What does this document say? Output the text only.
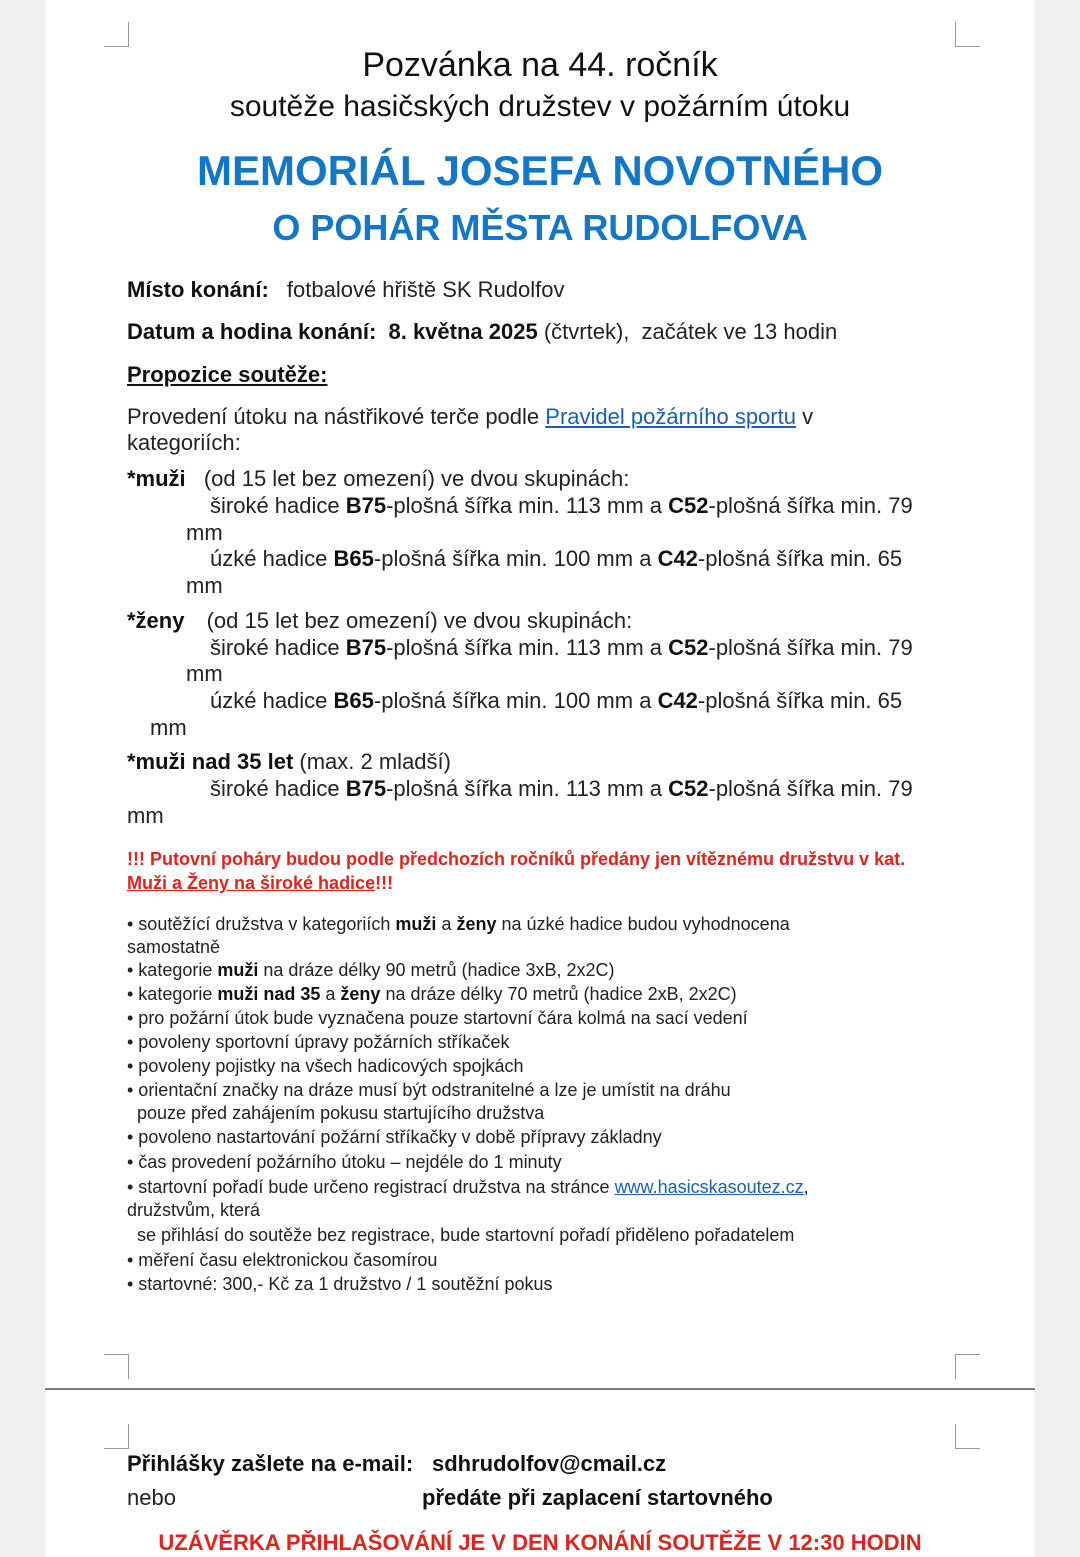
Pozvánka na 44. ročník
soutěže hasičských družstev v požárním útoku
MEMORIÁL JOSEFA NOVOTNÉHO
O POHÁR MĚSTA RUDOLFOVA
Místo konání: fotbalové hřiště SK Rudolfov
Datum a hodina konání: 8. května 2025 (čtvrtek), začátek ve 13 hodin
Propozice soutěže:
Provedení útoku na nástřikové terče podle Pravidel požárního sportu v
kategoriích:
*muži (od 15 let bez omezení) ve dvou skupinách:
široké hadice B75-plošná šířka min. 113 mm a C52-plošná šířka min. 79
mm
úzké hadice B65-plošná šířka min. 100 mm a C42-plošná šířka min. 65
mm
*ženy (od 15 let bez omezení) ve dvou skupinách:
široké hadice B75-plošná šířka min. 113 mm a C52-plošná šířka min. 79
mm
úzké hadice B65-plošná šířka min. 100 mm a C42-plošná šířka min. 65
mm
*muži nad 35 let (max. 2 mladší)
široké hadice B75-plošná šířka min. 113 mm a C52-plošná šířka min. 79
mm
!!! Putovní poháry budou podle předchozích ročníků předány jen vítěznému družstvu v kat.
Muži a Ženy na široké hadice!!!
• soutěžící družstva v kategoriích muži a ženy na úzké hadice budou vyhodnocena
samostatně
• kategorie muži na dráze délky 90 metrů (hadice 3xB, 2x2C)
• kategorie muži nad 35 a ženy na dráze délky 70 metrů (hadice 2xB, 2x2C)
• pro požární útok bude vyznačena pouze startovní čára kolmá na sací vedení
• povoleny sportovní úpravy požárních stříkaček
• povoleny pojistky na všech hadicových spojkách
• orientační značky na dráze musí být odstranitelné a lze je umístit na dráhu
pouze před zahájením pokusu startujícího družstva
• povoleno nastartování požární stříkačky v době přípravy základny
• čas provedení požárního útoku – nejdéle do 1 minuty
• startovní pořadí bude určeno registrací družstva na stránce www.hasicskasoutez.cz,
družstvům, která
se přihlásí do soutěže bez registrace, bude startovní pořadí přiděleno pořadatelem
• měření času elektronickou časomírou
• startovné: 300,- Kč za 1 družstvo / 1 soutěžní pokus
Přihlášky zašlete na e-mail: sdhrudolfov@cmail.cz
nebo	předáte při zaplacení startovného
UZÁVĚRKA PŘIHLAŠOVÁNÍ JE V DEN KONÁNÍ SOUTĚŽE V 12:30 HODIN
